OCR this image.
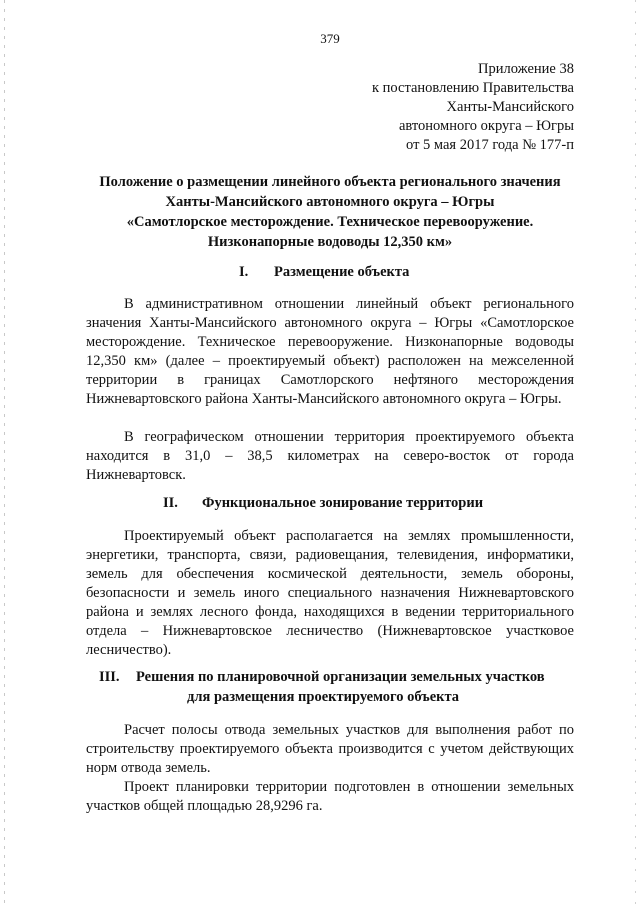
379
Приложение 38
к постановлению Правительства
Ханты-Мансийского
автономного округа – Югры
от 5 мая 2017 года № 177-п
Положение о размещении линейного объекта регионального значения
Ханты-Мансийского автономного округа – Югры
«Самотлорское месторождение. Техническое перевооружение.
Низконапорные водоводы 12,350 км»
I. Размещение объекта

В административном отношении линейный объект регионального значения Ханты-Мансийского автономного округа – Югры «Самотлорское месторождение. Техническое перевооружение. Низконапорные водоводы 12,350 км» (далее – проектируемый объект) расположен на межселенной территории в границах Самотлорского нефтяного месторождения Нижневартовского района Ханты-Мансийского автономного округа – Югры.

В географическом отношении территория проектируемого объекта находится в 31,0 – 38,5 километрах на северо-восток от города Нижневартовск.

II. Функциональное зонирование территории

Проектируемый объект располагается на землях промышленности, энергетики, транспорта, связи, радиовещания, телевидения, информатики, земель для обеспечения космической деятельности, земель обороны, безопасности и земель иного специального назначения Нижневартовского района и землях лесного фонда, находящихся в ведении территориального отдела – Нижневартовское лесничество (Нижневартовское участковое лесничество).

III. Решения по планировочной организации земельных участков
для размещения проектируемого объекта

Расчет полосы отвода земельных участков для выполнения работ по строительству проектируемого объекта производится с учетом действующих норм отвода земель.

Проект планировки территории подготовлен в отношении земельных участков общей площадью 28,9296 га.
